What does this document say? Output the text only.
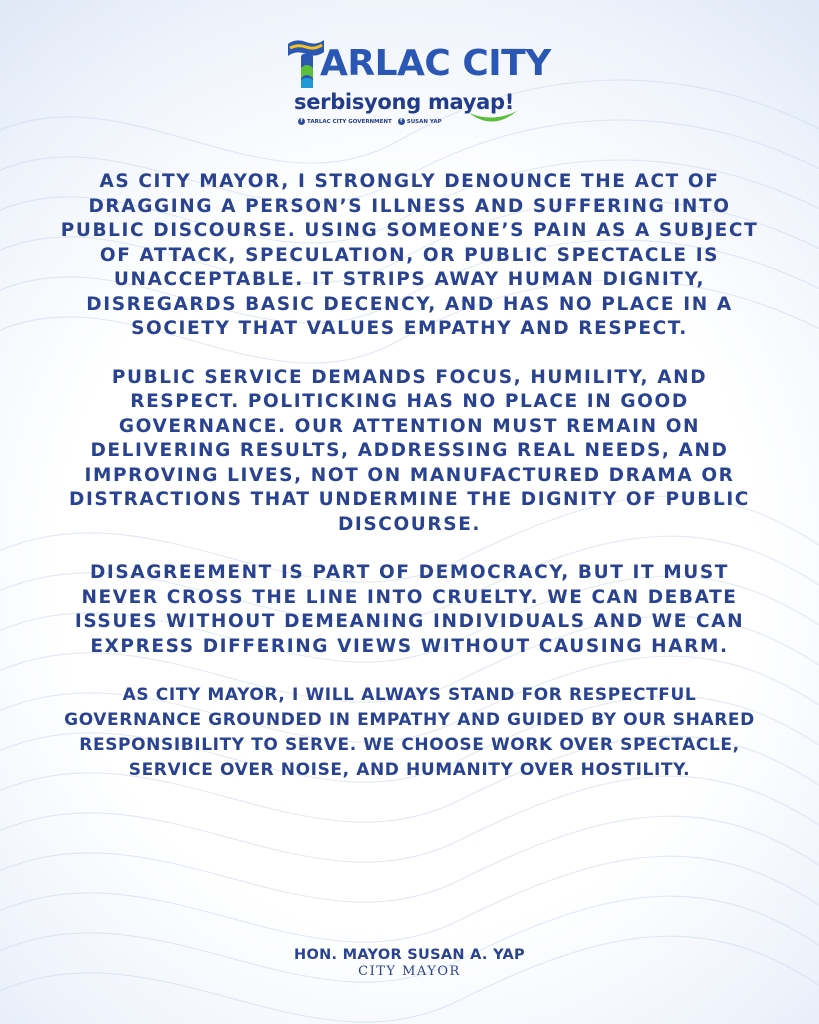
ARLAC CITY
serbisyong mayap!
f TARLAC CITY GOVERNMENT	f SUSAN YAP

AS CITY MAYOR, I STRONGLY DENOUNCE THE ACT OF DRAGGING A PERSON’S ILLNESS AND SUFFERING INTO PUBLIC DISCOURSE. USING SOMEONE’S PAIN AS A SUBJECT OF ATTACK, SPECULATION, OR PUBLIC SPECTACLE IS UNACCEPTABLE. IT STRIPS AWAY HUMAN DIGNITY, DISREGARDS BASIC DECENCY, AND HAS NO PLACE IN A SOCIETY THAT VALUES EMPATHY AND RESPECT.

PUBLIC SERVICE DEMANDS FOCUS, HUMILITY, AND RESPECT. POLITICKING HAS NO PLACE IN GOOD GOVERNANCE. OUR ATTENTION MUST REMAIN ON DELIVERING RESULTS, ADDRESSING REAL NEEDS, AND IMPROVING LIVES, NOT ON MANUFACTURED DRAMA OR DISTRACTIONS THAT UNDERMINE THE DIGNITY OF PUBLIC DISCOURSE.

DISAGREEMENT IS PART OF DEMOCRACY, BUT IT MUST NEVER CROSS THE LINE INTO CRUELTY. WE CAN DEBATE ISSUES WITHOUT DEMEANING INDIVIDUALS AND WE CAN EXPRESS DIFFERING VIEWS WITHOUT CAUSING HARM.

AS CITY MAYOR, I WILL ALWAYS STAND FOR RESPECTFUL GOVERNANCE GROUNDED IN EMPATHY AND GUIDED BY OUR SHARED RESPONSIBILITY TO SERVE. WE CHOOSE WORK OVER SPECTACLE, SERVICE OVER NOISE, AND HUMANITY OVER HOSTILITY.

HON. MAYOR SUSAN A. YAP
CITY MAYOR
